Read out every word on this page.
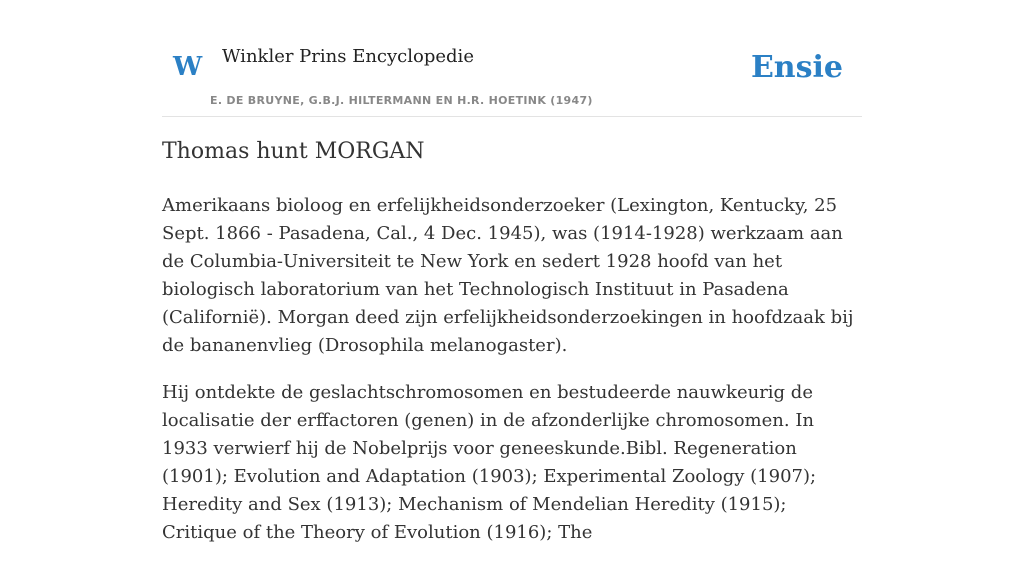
W Winkler Prins Encyclopedie
E. DE BRUYNE, G.B.J. HILTERMANN EN H.R. HOETINK (1947)
Ensie
Thomas hunt MORGAN

Amerikaans bioloog en erfelijkheidsonderzoeker (Lexington, Kentucky, 25 Sept. 1866 - Pasadena, Cal., 4 Dec. 1945), was (1914-1928) werkzaam aan de Columbia-Universiteit te New York en sedert 1928 hoofd van het biologisch laboratorium van het Technologisch Instituut in Pasadena (Californië). Morgan deed zijn erfelijkheidsonderzoekingen in hoofdzaak bij de bananenvlieg (Drosophila melanogaster).

Hij ontdekte de geslachtschromosomen en bestudeerde nauwkeurig de localisatie der erffactoren (genen) in de afzonderlijke chromosomen. In 1933 verwierf hij de Nobelprijs voor geneeskunde.Bibl. Regeneration (1901); Evolution and Adaptation (1903); Experimental Zoology (1907); Heredity and Sex (1913); Mechanism of Mendelian Heredity (1915); Critique of the Theory of Evolution (1916); The
